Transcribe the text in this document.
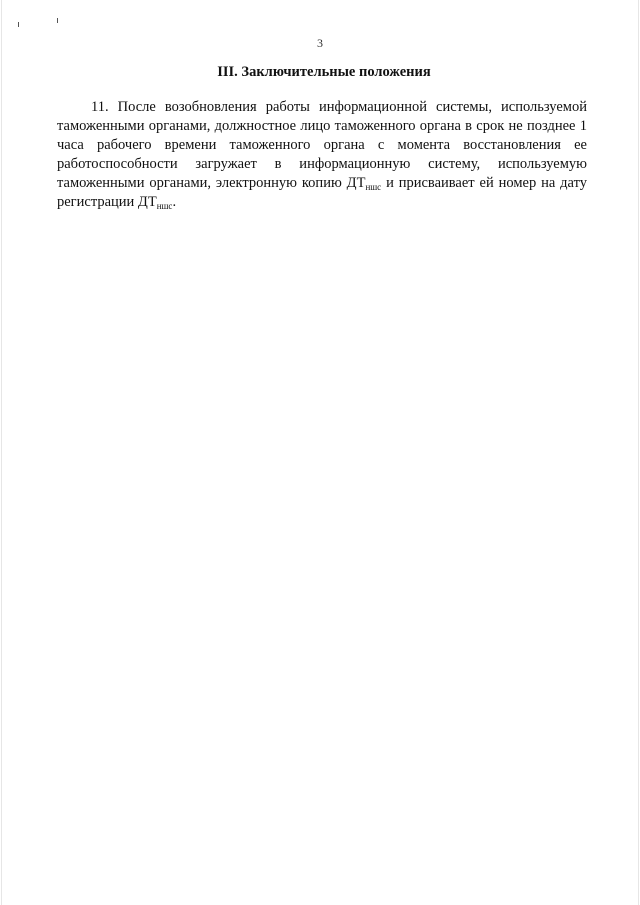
3
III. Заключительные положения

11. После возобновления работы информационной системы, используемой таможенными органами, должностное лицо таможенного органа в срок не позднее 1 часа рабочего времени таможенного органа с момента восстановления ее работоспособности загружает в информационную систему, используемую таможенными органами, электронную копию $ДТ_{ншс}$ и присваивает ей номер на дату регистрации $ДТ_{ншс}$.
